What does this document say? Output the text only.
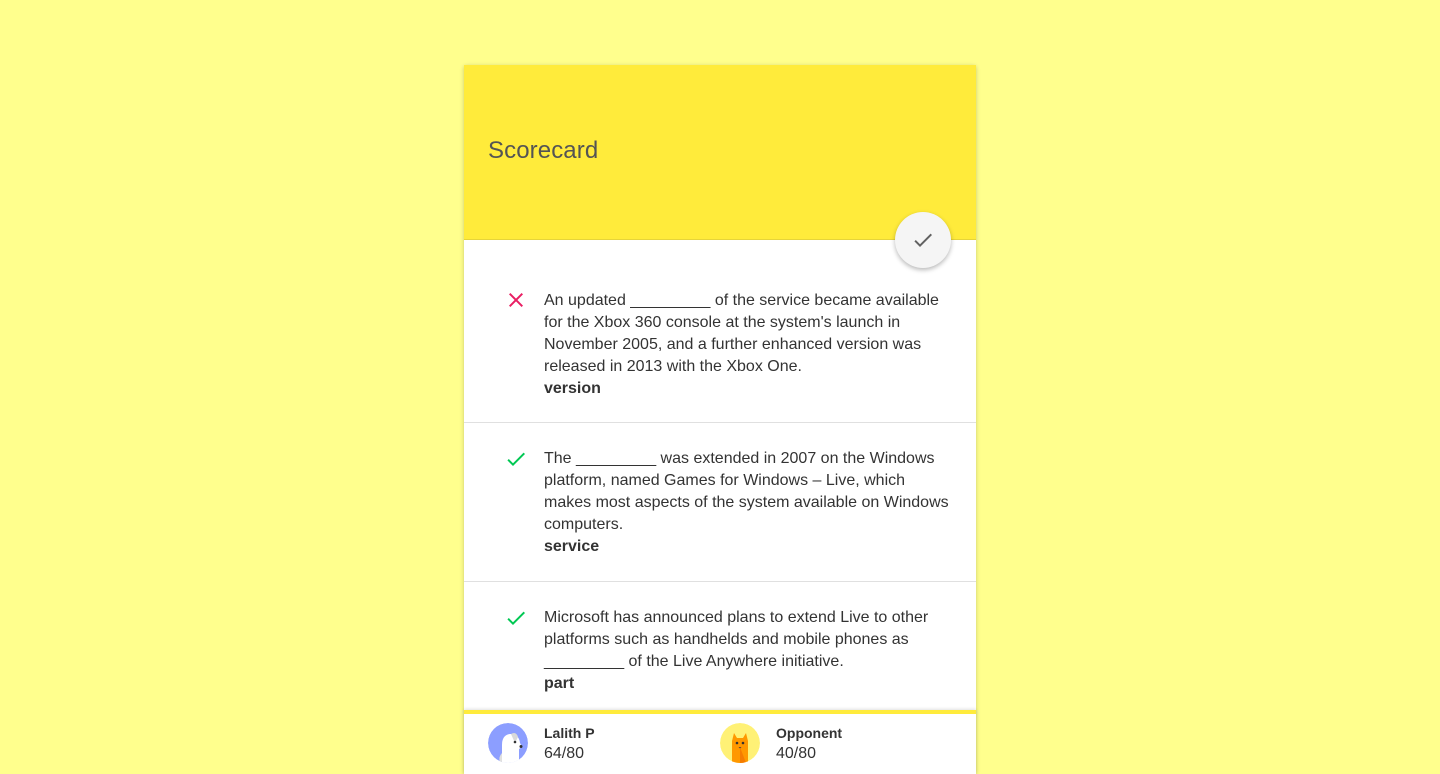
Scorecard
An updated _________ of the service became available for the Xbox 360 console at the system's launch in November 2005, and a further enhanced version was released in 2013 with the Xbox One.
version
The _________ was extended in 2007 on the Windows platform, named Games for Windows – Live, which makes most aspects of the system available on Windows computers.
service
Microsoft has announced plans to extend Live to other platforms such as handhelds and mobile phones as _________ of the Live Anywhere initiative.
part
Lalith P
64/80
Opponent
40/80
